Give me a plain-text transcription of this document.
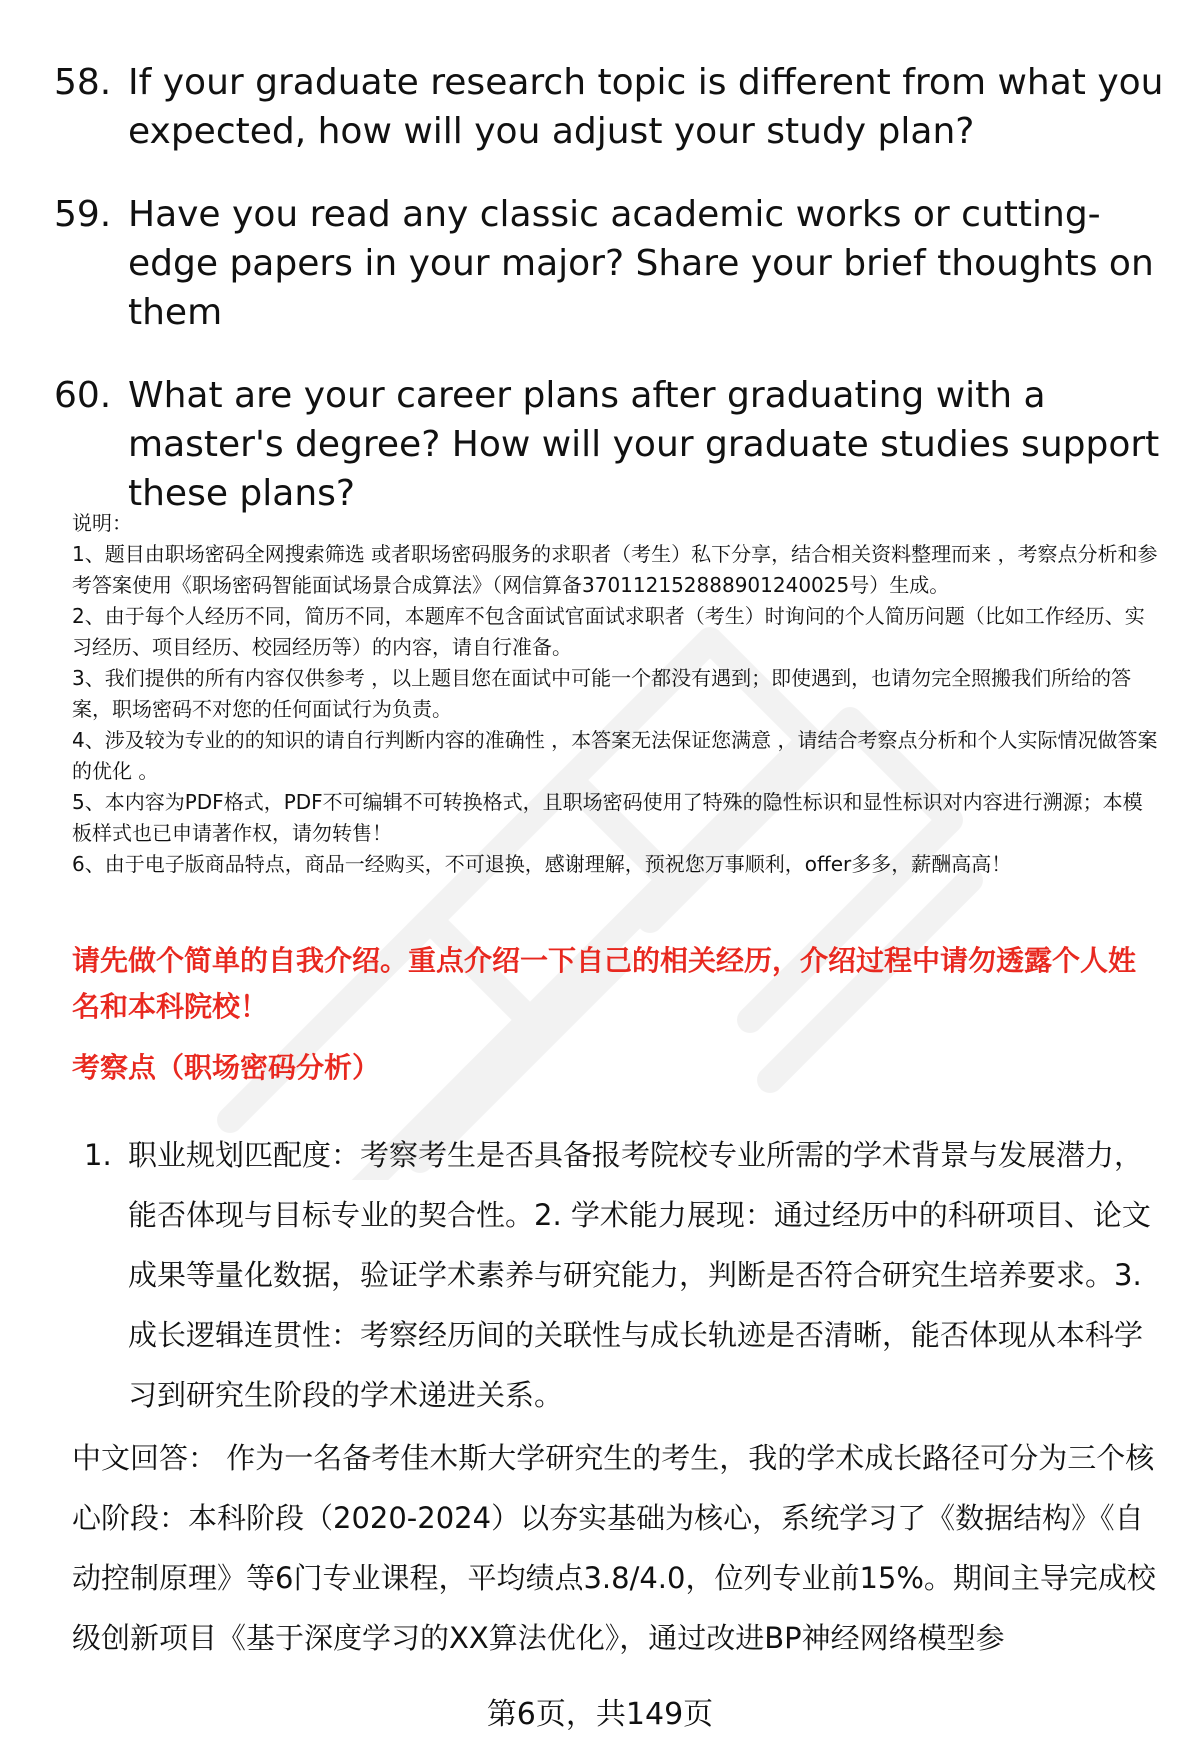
58. If your graduate research topic is different from what you expected, how will you adjust your study plan?
59. Have you read any classic academic works or cutting-edge papers in your major? Share your brief thoughts on them
60. What are your career plans after graduating with a master's degree? How will your graduate studies support these plans?
说明：
1、题目由职场密码全网搜索筛选 或者职场密码服务的求职者（考生）私下分享，结合相关资料整理而来 ，考察点分析和参考答案使用《职场密码智能面试场景合成算法》（网信算备370112152888901240025号）生成。
2、由于每个人经历不同，简历不同，本题库不包含面试官面试求职者（考生）时询问的个人简历问题（比如工作经历、实习经历、项目经历、校园经历等）的内容，请自行准备。
3、我们提供的所有内容仅供参考 ，以上题目您在面试中可能一个都没有遇到；即使遇到，也请勿完全照搬我们所给的答案，职场密码不对您的任何面试行为负责。
4、涉及较为专业的的知识的请自行判断内容的准确性 ，本答案无法保证您满意 ，请结合考察点分析和个人实际情况做答案的优化 。
5、本内容为PDF格式，PDF不可编辑不可转换格式，且职场密码使用了特殊的隐性标识和显性标识对内容进行溯源；本模板样式也已申请著作权，请勿转售！
6、由于电子版商品特点，商品一经购买，不可退换，感谢理解，预祝您万事顺利，offer多多，薪酬高高！
请先做个简单的自我介绍。重点介绍一下自己的相关经历，介绍过程中请勿透露个人姓名和本科院校！
考察点（职场密码分析）
1. 职业规划匹配度：考察考生是否具备报考院校专业所需的学术背景与发展潜力，能否体现与目标专业的契合性。2. 学术能力展现：通过经历中的科研项目、论文成果等量化数据，验证学术素养与研究能力，判断是否符合研究生培养要求。3. 成长逻辑连贯性：考察经历间的关联性与成长轨迹是否清晰，能否体现从本科学习到研究生阶段的学术递进关系。
中文回答： 作为一名备考佳木斯大学研究生的考生，我的学术成长路径可分为三个核心阶段：本科阶段（2020-2024）以夯实基础为核心，系统学习了《数据结构》《自动控制原理》等6门专业课程，平均绩点3.8/4.0，位列专业前15%。期间主导完成校级创新项目《基于深度学习的XX算法优化》，通过改进BP神经网络模型参
第6页，共149页
